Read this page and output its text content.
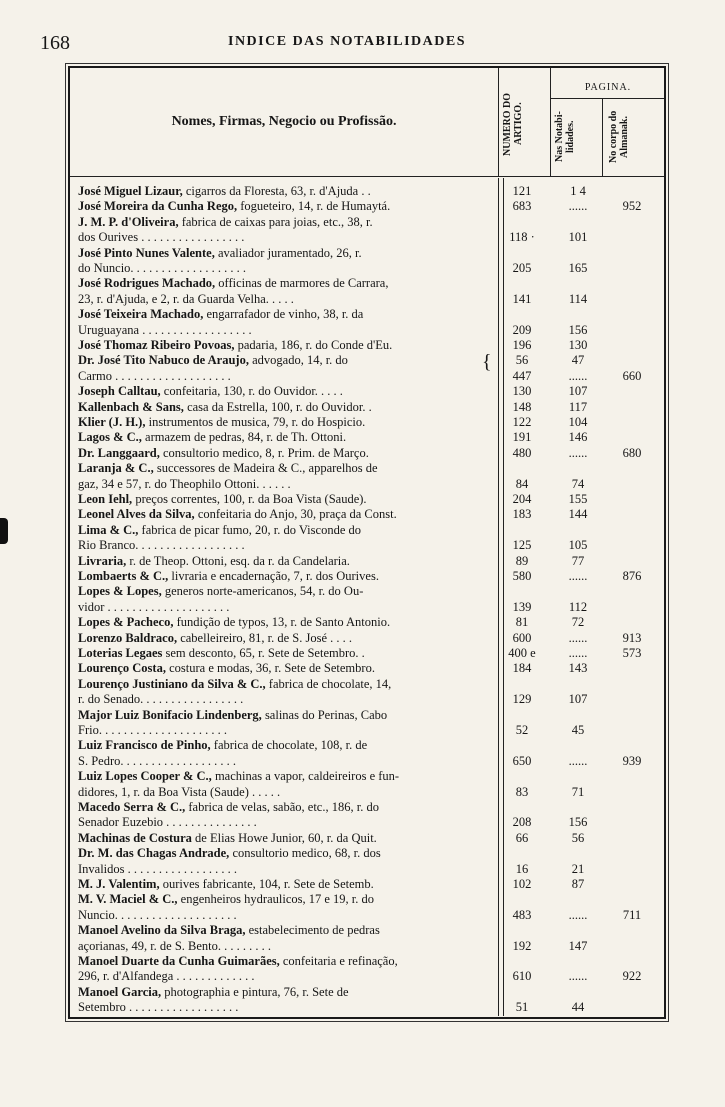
168	INDICE DAS NOTABILIDADES
Nomes, Firmas, Negocio ou Profissão.	NUMERO DO ARTIGO.
PAGINA.
Nas Notabi- lidades.	No corpo do Almanak.
{
José Miguel Lizaur, cigarros da Floresta, 63, r. d'Ajuda . .	121	1 4
José Moreira da Cunha Rego, fogueteiro, 14, r. de Humaytá.	683	......	952
J. M. P. d'Oliveira, fabrica de caixas para joias, etc., 38, r.
dos Ourives . . . . . . . . . . . . . . . . .	118 ·	101
José Pinto Nunes Valente, avaliador juramentado, 26, r.
do Nuncio. . . . . . . . . . . . . . . . . . .	205	165
José Rodrigues Machado, officinas de marmores de Carrara,
23, r. d'Ajuda, e 2, r. da Guarda Velha. . . . .	141	114
José Teixeira Machado, engarrafador de vinho, 38, r. da
Uruguayana . . . . . . . . . . . . . . . . . .	209	156
José Thomaz Ribeiro Povoas, padaria, 186, r. do Conde d'Eu.	196	130
Dr. José Tito Nabuco de Araujo, advogado, 14, r. do	56	47
Carmo . . . . . . . . . . . . . . . . . . .	447	......	660
Joseph Calltau, confeitaria, 130, r. do Ouvidor. . . . .	130	107
Kallenbach & Sans, casa da Estrella, 100, r. do Ouvidor. .	148	117
Klier (J. H.), instrumentos de musica, 79, r. do Hospicio.	122	104
Lagos & C., armazem de pedras, 84, r. de Th. Ottoni.	191	146
Dr. Langgaard, consultorio medico, 8, r. Prim. de Março.	480	......	680
Laranja & C., successores de Madeira & C., apparelhos de
gaz, 34 e 57, r. do Theophilo Ottoni. . . . . .	84	74
Leon Iehl, preços correntes, 100, r. da Boa Vista (Saude).	204	155
Leonel Alves da Silva, confeitaria do Anjo, 30, praça da Const.	183	144
Lima & C., fabrica de picar fumo, 20, r. do Visconde do
Rio Branco. . . . . . . . . . . . . . . . . .	125	105
Livraria, r. de Theop. Ottoni, esq. da r. da Candelaria.	89	77
Lombaerts & C., livraria e encadernação, 7, r. dos Ourives.	580	......	876
Lopes & Lopes, generos norte-americanos, 54, r. do Ou-
vidor . . . . . . . . . . . . . . . . . . . .	139	112
Lopes & Pacheco, fundição de typos, 13, r. de Santo Antonio.	81	72
Lorenzo Baldraco, cabelleireiro, 81, r. de S. José . . . .	600	......	913
Loterias Legaes sem desconto, 65, r. Sete de Setembro. .	400 e	......	573
Lourenço Costa, costura e modas, 36, r. Sete de Setembro.	184	143
Lourenço Justiniano da Silva & C., fabrica de chocolate, 14,
r. do Senado. . . . . . . . . . . . . . . . .	129	107
Major Luiz Bonifacio Lindenberg, salinas do Perinas, Cabo
Frio. . . . . . . . . . . . . . . . . . . . .	52	45
Luiz Francisco de Pinho, fabrica de chocolate, 108, r. de
S. Pedro. . . . . . . . . . . . . . . . . . .	650	......	939
Luiz Lopes Cooper & C., machinas a vapor, caldeireiros e fun-
didores, 1, r. da Boa Vista (Saude) . . . . .	83	71
Macedo Serra & C., fabrica de velas, sabão, etc., 186, r. do
Senador Euzebio . . . . . . . . . . . . . . .	208	156
Machinas de Costura de Elias Howe Junior, 60, r. da Quit.	66	56
Dr. M. das Chagas Andrade, consultorio medico, 68, r. dos
Invalidos . . . . . . . . . . . . . . . . . .	16	21
M. J. Valentim, ourives fabricante, 104, r. Sete de Setemb.	102	87
M. V. Maciel & C., engenheiros hydraulicos, 17 e 19, r. do
Nuncio. . . . . . . . . . . . . . . . . . . .	483	......	711
Manoel Avelino da Silva Braga, estabelecimento de pedras
açorianas, 49, r. de S. Bento. . . . . . . . .	192	147
Manoel Duarte da Cunha Guimarães, confeitaria e refinação,
296, r. d'Alfandega . . . . . . . . . . . . .	610	......	922
Manoel Garcia, photographia e pintura, 76, r. Sete de
Setembro . . . . . . . . . . . . . . . . . .	51	44
